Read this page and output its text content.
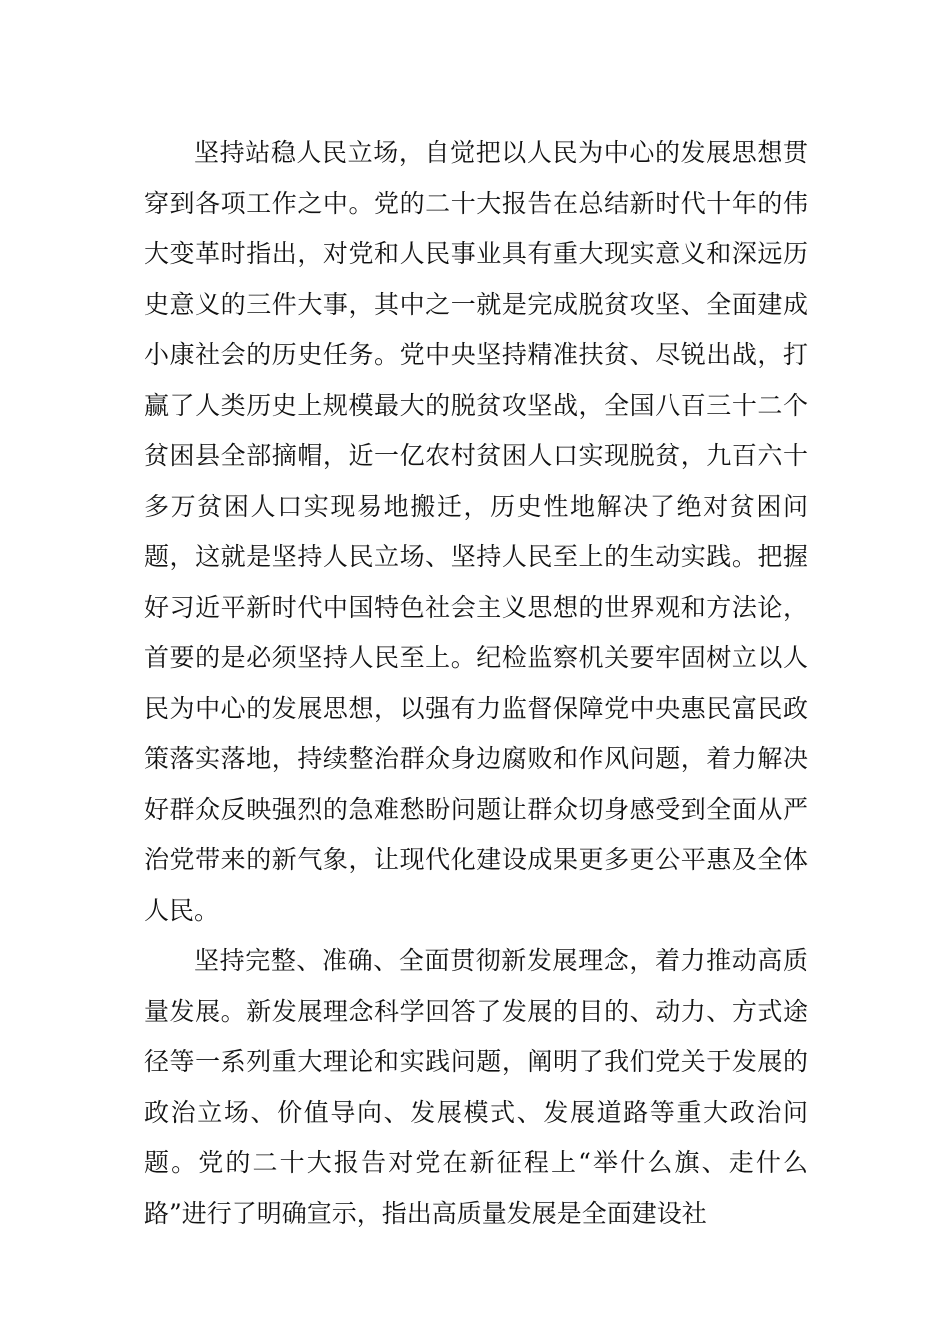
坚持站稳人民立场，自觉把以人民为中心的发展思想贯穿到各项工作之中。党的二十大报告在总结新时代十年的伟大变革时指出，对党和人民事业具有重大现实意义和深远历史意义的三件大事，其中之一就是完成脱贫攻坚、全面建成小康社会的历史任务。党中央坚持精准扶贫、尽锐出战，打赢了人类历史上规模最大的脱贫攻坚战，全国八百三十二个贫困县全部摘帽，近一亿农村贫困人口实现脱贫，九百六十多万贫困人口实现易地搬迁，历史性地解决了绝对贫困问题，这就是坚持人民立场、坚持人民至上的生动实践。把握好习近平新时代中国特色社会主义思想的世界观和方法论，首要的是必须坚持人民至上。纪检监察机关要牢固树立以人民为中心的发展思想，以强有力监督保障党中央惠民富民政策落实落地，持续整治群众身边腐败和作风问题，着力解决好群众反映强烈的急难愁盼问题让群众切身感受到全面从严治党带来的新气象，让现代化建设成果更多更公平惠及全体人民。

坚持完整、准确、全面贯彻新发展理念，着力推动高质量发展。新发展理念科学回答了发展的目的、动力、方式途径等一系列重大理论和实践问题，阐明了我们党关于发展的政治立场、价值导向、发展模式、发展道路等重大政治问题。党的二十大报告对党在新征程上“举什么旗、走什么路”进行了明确宣示，指出高质量发展是全面建设社
